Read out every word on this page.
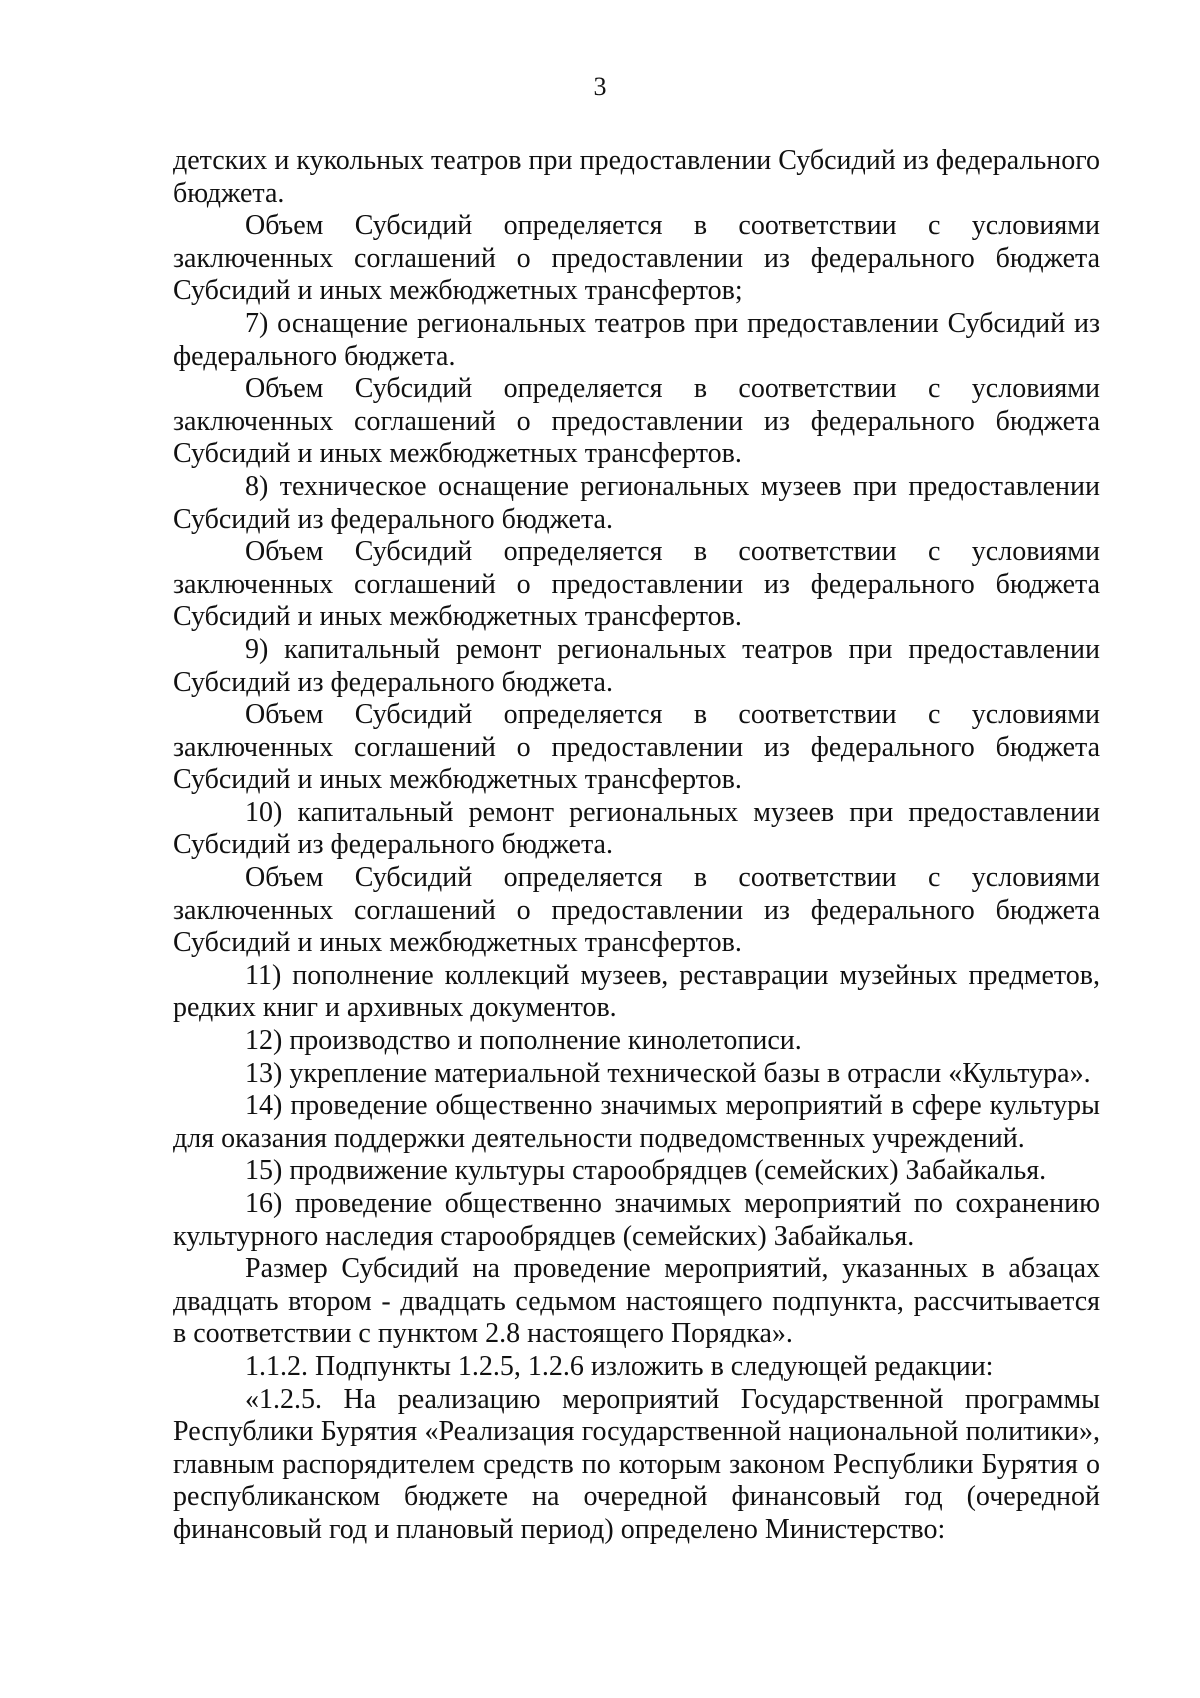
3

детских и кукольных театров при предоставлении Субсидий из федерального бюджета.

Объем Субсидий определяется в соответствии с условиями заключенных соглашений о предоставлении из федерального бюджета Субсидий и иных межбюджетных трансфертов;

7) оснащение региональных театров при предоставлении Субсидий из федерального бюджета.

Объем Субсидий определяется в соответствии с условиями заключенных соглашений о предоставлении из федерального бюджета Субсидий и иных межбюджетных трансфертов.

8) техническое оснащение региональных музеев при предоставлении Субсидий из федерального бюджета.

Объем Субсидий определяется в соответствии с условиями заключенных соглашений о предоставлении из федерального бюджета Субсидий и иных межбюджетных трансфертов.

9) капитальный ремонт региональных театров при предоставлении Субсидий из федерального бюджета.

Объем Субсидий определяется в соответствии с условиями заключенных соглашений о предоставлении из федерального бюджета Субсидий и иных межбюджетных трансфертов.

10) капитальный ремонт региональных музеев при предоставлении Субсидий из федерального бюджета.

Объем Субсидий определяется в соответствии с условиями заключенных соглашений о предоставлении из федерального бюджета Субсидий и иных межбюджетных трансфертов.

11) пополнение коллекций музеев, реставрации музейных предметов, редких книг и архивных документов.

12) производство и пополнение кинолетописи.

13) укрепление материальной технической базы в отрасли «Культура».

14) проведение общественно значимых мероприятий в сфере культуры для оказания поддержки деятельности подведомственных учреждений.

15) продвижение культуры старообрядцев (семейских) Забайкалья.

16) проведение общественно значимых мероприятий по сохранению культурного наследия старообрядцев (семейских) Забайкалья.

Размер Субсидий на проведение мероприятий, указанных в абзацах двадцать втором - двадцать седьмом настоящего подпункта, рассчитывается в соответствии с пунктом 2.8 настоящего Порядка».

1.1.2. Подпункты 1.2.5, 1.2.6 изложить в следующей редакции:

«1.2.5. На реализацию мероприятий Государственной программы Республики Бурятия «Реализация государственной национальной политики», главным распорядителем средств по которым законом Республики Бурятия о республиканском бюджете на очередной финансовый год (очередной финансовый год и плановый период) определено Министерство:
